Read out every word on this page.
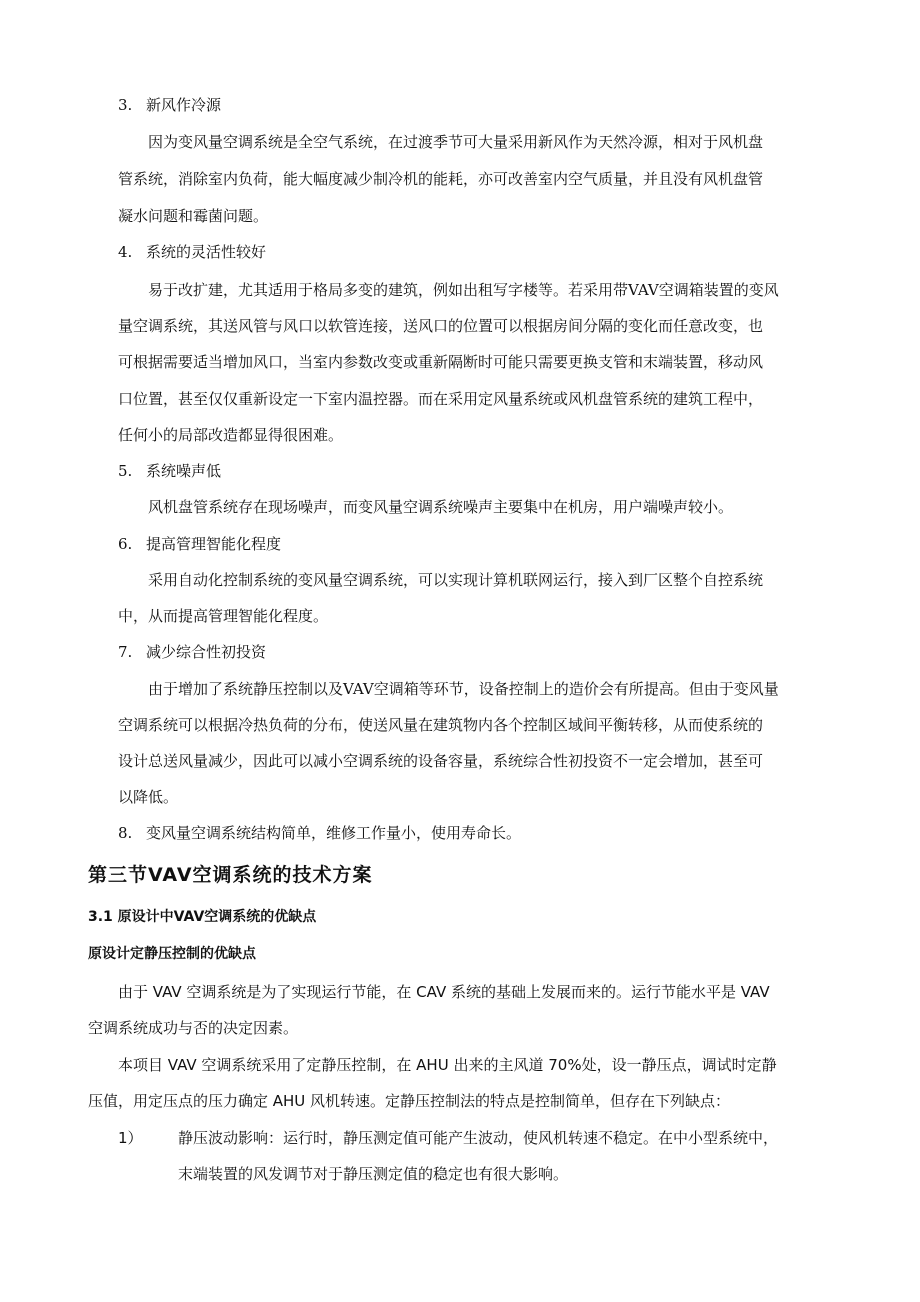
3. 新风作冷源
因为变风量空调系统是全空气系统，在过渡季节可大量采用新风作为天然冷源，相对于风机盘
管系统，消除室内负荷，能大幅度减少制冷机的能耗，亦可改善室内空气质量，并且没有风机盘管
凝水问题和霉菌问题。
4. 系统的灵活性较好
易于改扩建，尤其适用于格局多变的建筑，例如出租写字楼等。若采用带VAV空调箱装置的变风
量空调系统，其送风管与风口以软管连接，送风口的位置可以根据房间分隔的变化而任意改变，也
可根据需要适当增加风口，当室内参数改变或重新隔断时可能只需要更换支管和末端装置，移动风
口位置，甚至仅仅重新设定一下室内温控器。而在采用定风量系统或风机盘管系统的建筑工程中，
任何小的局部改造都显得很困难。
5. 系统噪声低
风机盘管系统存在现场噪声，而变风量空调系统噪声主要集中在机房，用户端噪声较小。
6. 提高管理智能化程度
采用自动化控制系统的变风量空调系统，可以实现计算机联网运行，接入到厂区整个自控系统
中，从而提高管理智能化程度。
7. 减少综合性初投资
由于增加了系统静压控制以及VAV空调箱等环节，设备控制上的造价会有所提高。但由于变风量
空调系统可以根据冷热负荷的分布，使送风量在建筑物内各个控制区域间平衡转移，从而使系统的
设计总送风量减少，因此可以减小空调系统的设备容量，系统综合性初投资不一定会增加，甚至可
以降低。
8. 变风量空调系统结构简单，维修工作量小，使用寿命长。
第三节VAV空调系统的技术方案
3.1 原设计中VAV空调系统的优缺点
原设计定静压控制的优缺点
由于 VAV 空调系统是为了实现运行节能，在 CAV 系统的基础上发展而来的。运行节能水平是 VAV
空调系统成功与否的决定因素。
本项目 VAV 空调系统采用了定静压控制，在 AHU 出来的主风道 70%处，设一静压点，调试时定静
压值，用定压点的压力确定 AHU 风机转速。定静压控制法的特点是控制简单，但存在下列缺点：
1） 静压波动影响：运行时，静压测定值可能产生波动，使风机转速不稳定。在中小型系统中，
末端装置的风发调节对于静压测定值的稳定也有很大影响。
